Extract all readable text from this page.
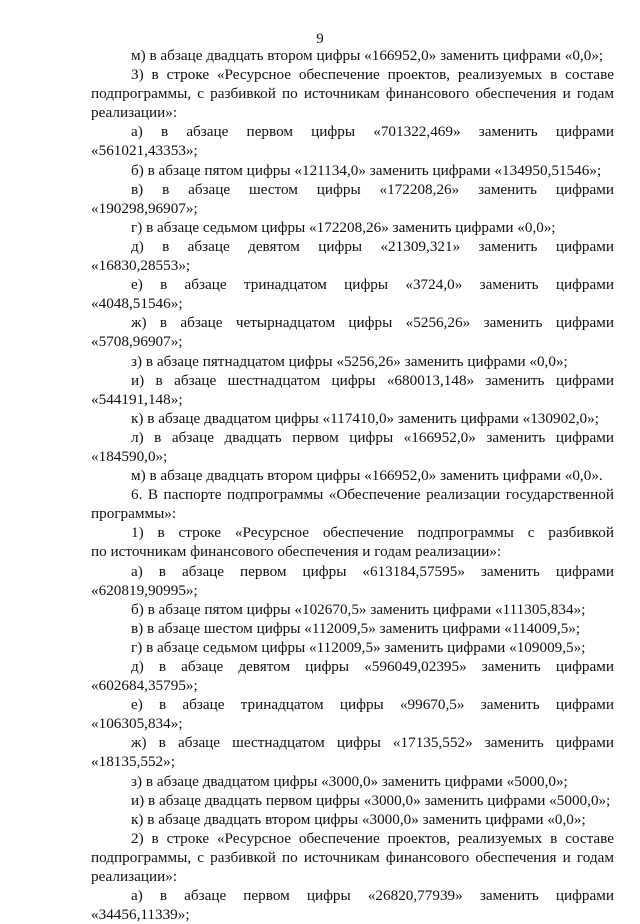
9
м) в абзаце двадцать втором цифры «166952,0» заменить цифрами «0,0»;
3) в строке «Ресурсное обеспечение проектов, реализуемых в составе
подпрограммы, с разбивкой по источникам финансового обеспечения и годам
реализации»:
а) в абзаце первом цифры «701322,469» заменить цифрами
«561021,43353»;
б) в абзаце пятом цифры «121134,0» заменить цифрами «134950,51546»;
в) в абзаце шестом цифры «172208,26» заменить цифрами
«190298,96907»;
г) в абзаце седьмом цифры «172208,26» заменить цифрами «0,0»;
д) в абзаце девятом цифры «21309,321» заменить цифрами
«16830,28553»;
е) в абзаце тринадцатом цифры «3724,0» заменить цифрами
«4048,51546»;
ж) в абзаце четырнадцатом цифры «5256,26» заменить цифрами
«5708,96907»;
з) в абзаце пятнадцатом цифры «5256,26» заменить цифрами «0,0»;
и) в абзаце шестнадцатом цифры «680013,148» заменить цифрами
«544191,148»;
к) в абзаце двадцатом цифры «117410,0» заменить цифрами «130902,0»;
л) в абзаце двадцать первом цифры «166952,0» заменить цифрами
«184590,0»;
м) в абзаце двадцать втором цифры «166952,0» заменить цифрами «0,0».
6. В паспорте подпрограммы «Обеспечение реализации государственной
программы»:
1) в строке «Ресурсное обеспечение подпрограммы с разбивкой
по источникам финансового обеспечения и годам реализации»:
а) в абзаце первом цифры «613184,57595» заменить цифрами
«620819,90995»;
б) в абзаце пятом цифры «102670,5» заменить цифрами «111305,834»;
в) в абзаце шестом цифры «112009,5» заменить цифрами «114009,5»;
г) в абзаце седьмом цифры «112009,5» заменить цифрами «109009,5»;
д) в абзаце девятом цифры «596049,02395» заменить цифрами
«602684,35795»;
е) в абзаце тринадцатом цифры «99670,5» заменить цифрами
«106305,834»;
ж) в абзаце шестнадцатом цифры «17135,552» заменить цифрами
«18135,552»;
з) в абзаце двадцатом цифры «3000,0» заменить цифрами «5000,0»;
и) в абзаце двадцать первом цифры «3000,0» заменить цифрами «5000,0»;
к) в абзаце двадцать втором цифры «3000,0» заменить цифрами «0,0»;
2) в строке «Ресурсное обеспечение проектов, реализуемых в составе
подпрограммы, с разбивкой по источникам финансового обеспечения и годам
реализации»:
а) в абзаце первом цифры «26820,77939» заменить цифрами
«34456,11339»;
